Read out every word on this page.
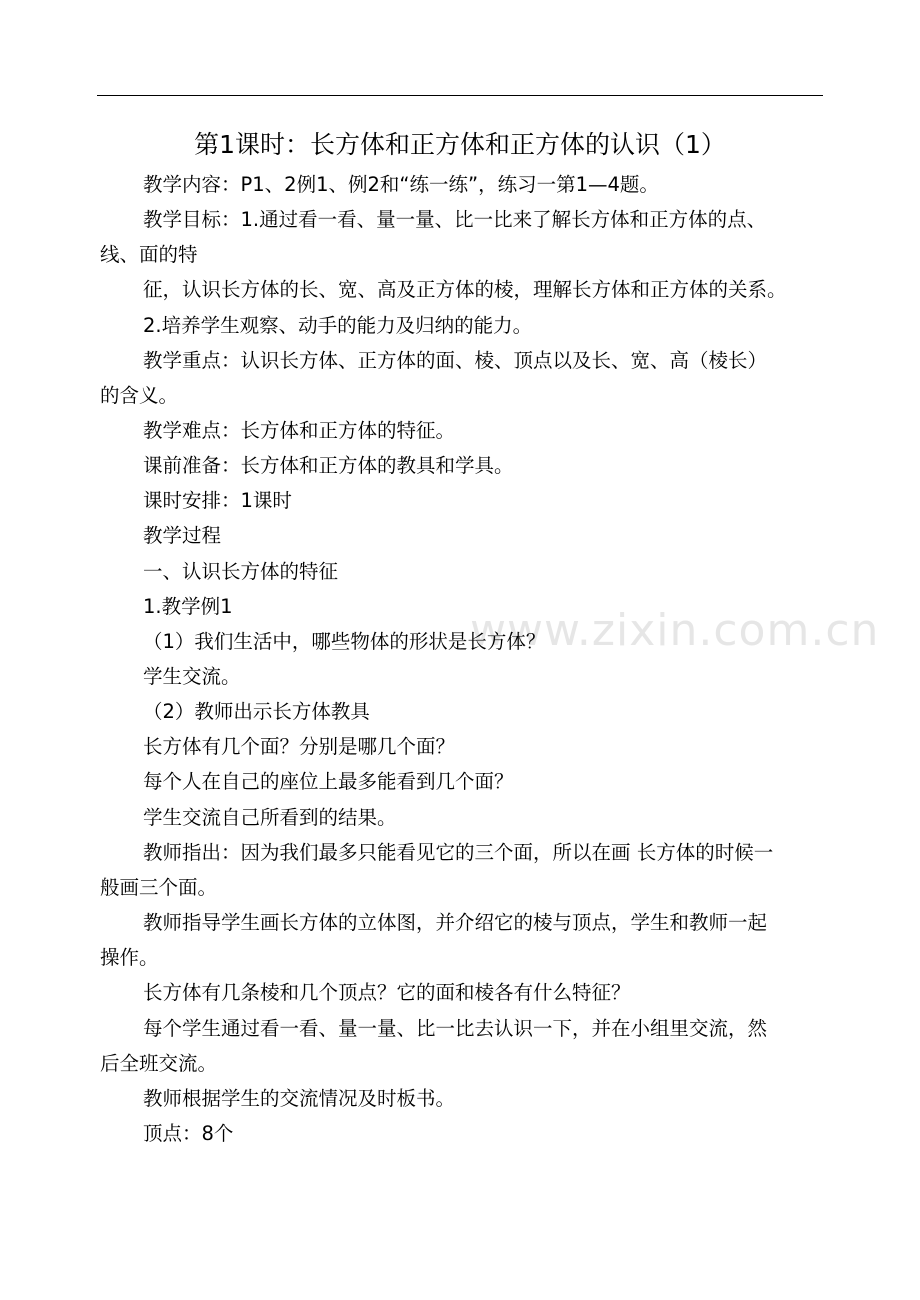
第1课时：长方体和正方体和正方体的认识（1）
www.zixin.com.cn
教学内容：P1、2例1、例2和“练一练”，练习一第1—4题。
教学目标：1.通过看一看、量一量、比一比来了解长方体和正方体的点、
线、面的特
征，认识长方体的长、宽、高及正方体的棱，理解长方体和正方体的关系。
2.培养学生观察、动手的能力及归纳的能力。
教学重点：认识长方体、正方体的面、棱、顶点以及长、宽、高（棱长）
的含义。
教学难点：长方体和正方体的特征。
课前准备：长方体和正方体的教具和学具。
课时安排：1课时
教学过程
一、认识长方体的特征
1.教学例1
（1）我们生活中，哪些物体的形状是长方体？
学生交流。
（2）教师出示长方体教具
长方体有几个面？分别是哪几个面？
每个人在自己的座位上最多能看到几个面？
学生交流自己所看到的结果。
教师指出：因为我们最多只能看见它的三个面，所以在画 长方体的时候一
般画三个面。
教师指导学生画长方体的立体图，并介绍它的棱与顶点，学生和教师一起
操作。
长方体有几条棱和几个顶点？它的面和棱各有什么特征？
每个学生通过看一看、量一量、比一比去认识一下，并在小组里交流，然
后全班交流。
教师根据学生的交流情况及时板书。
顶点：8个
